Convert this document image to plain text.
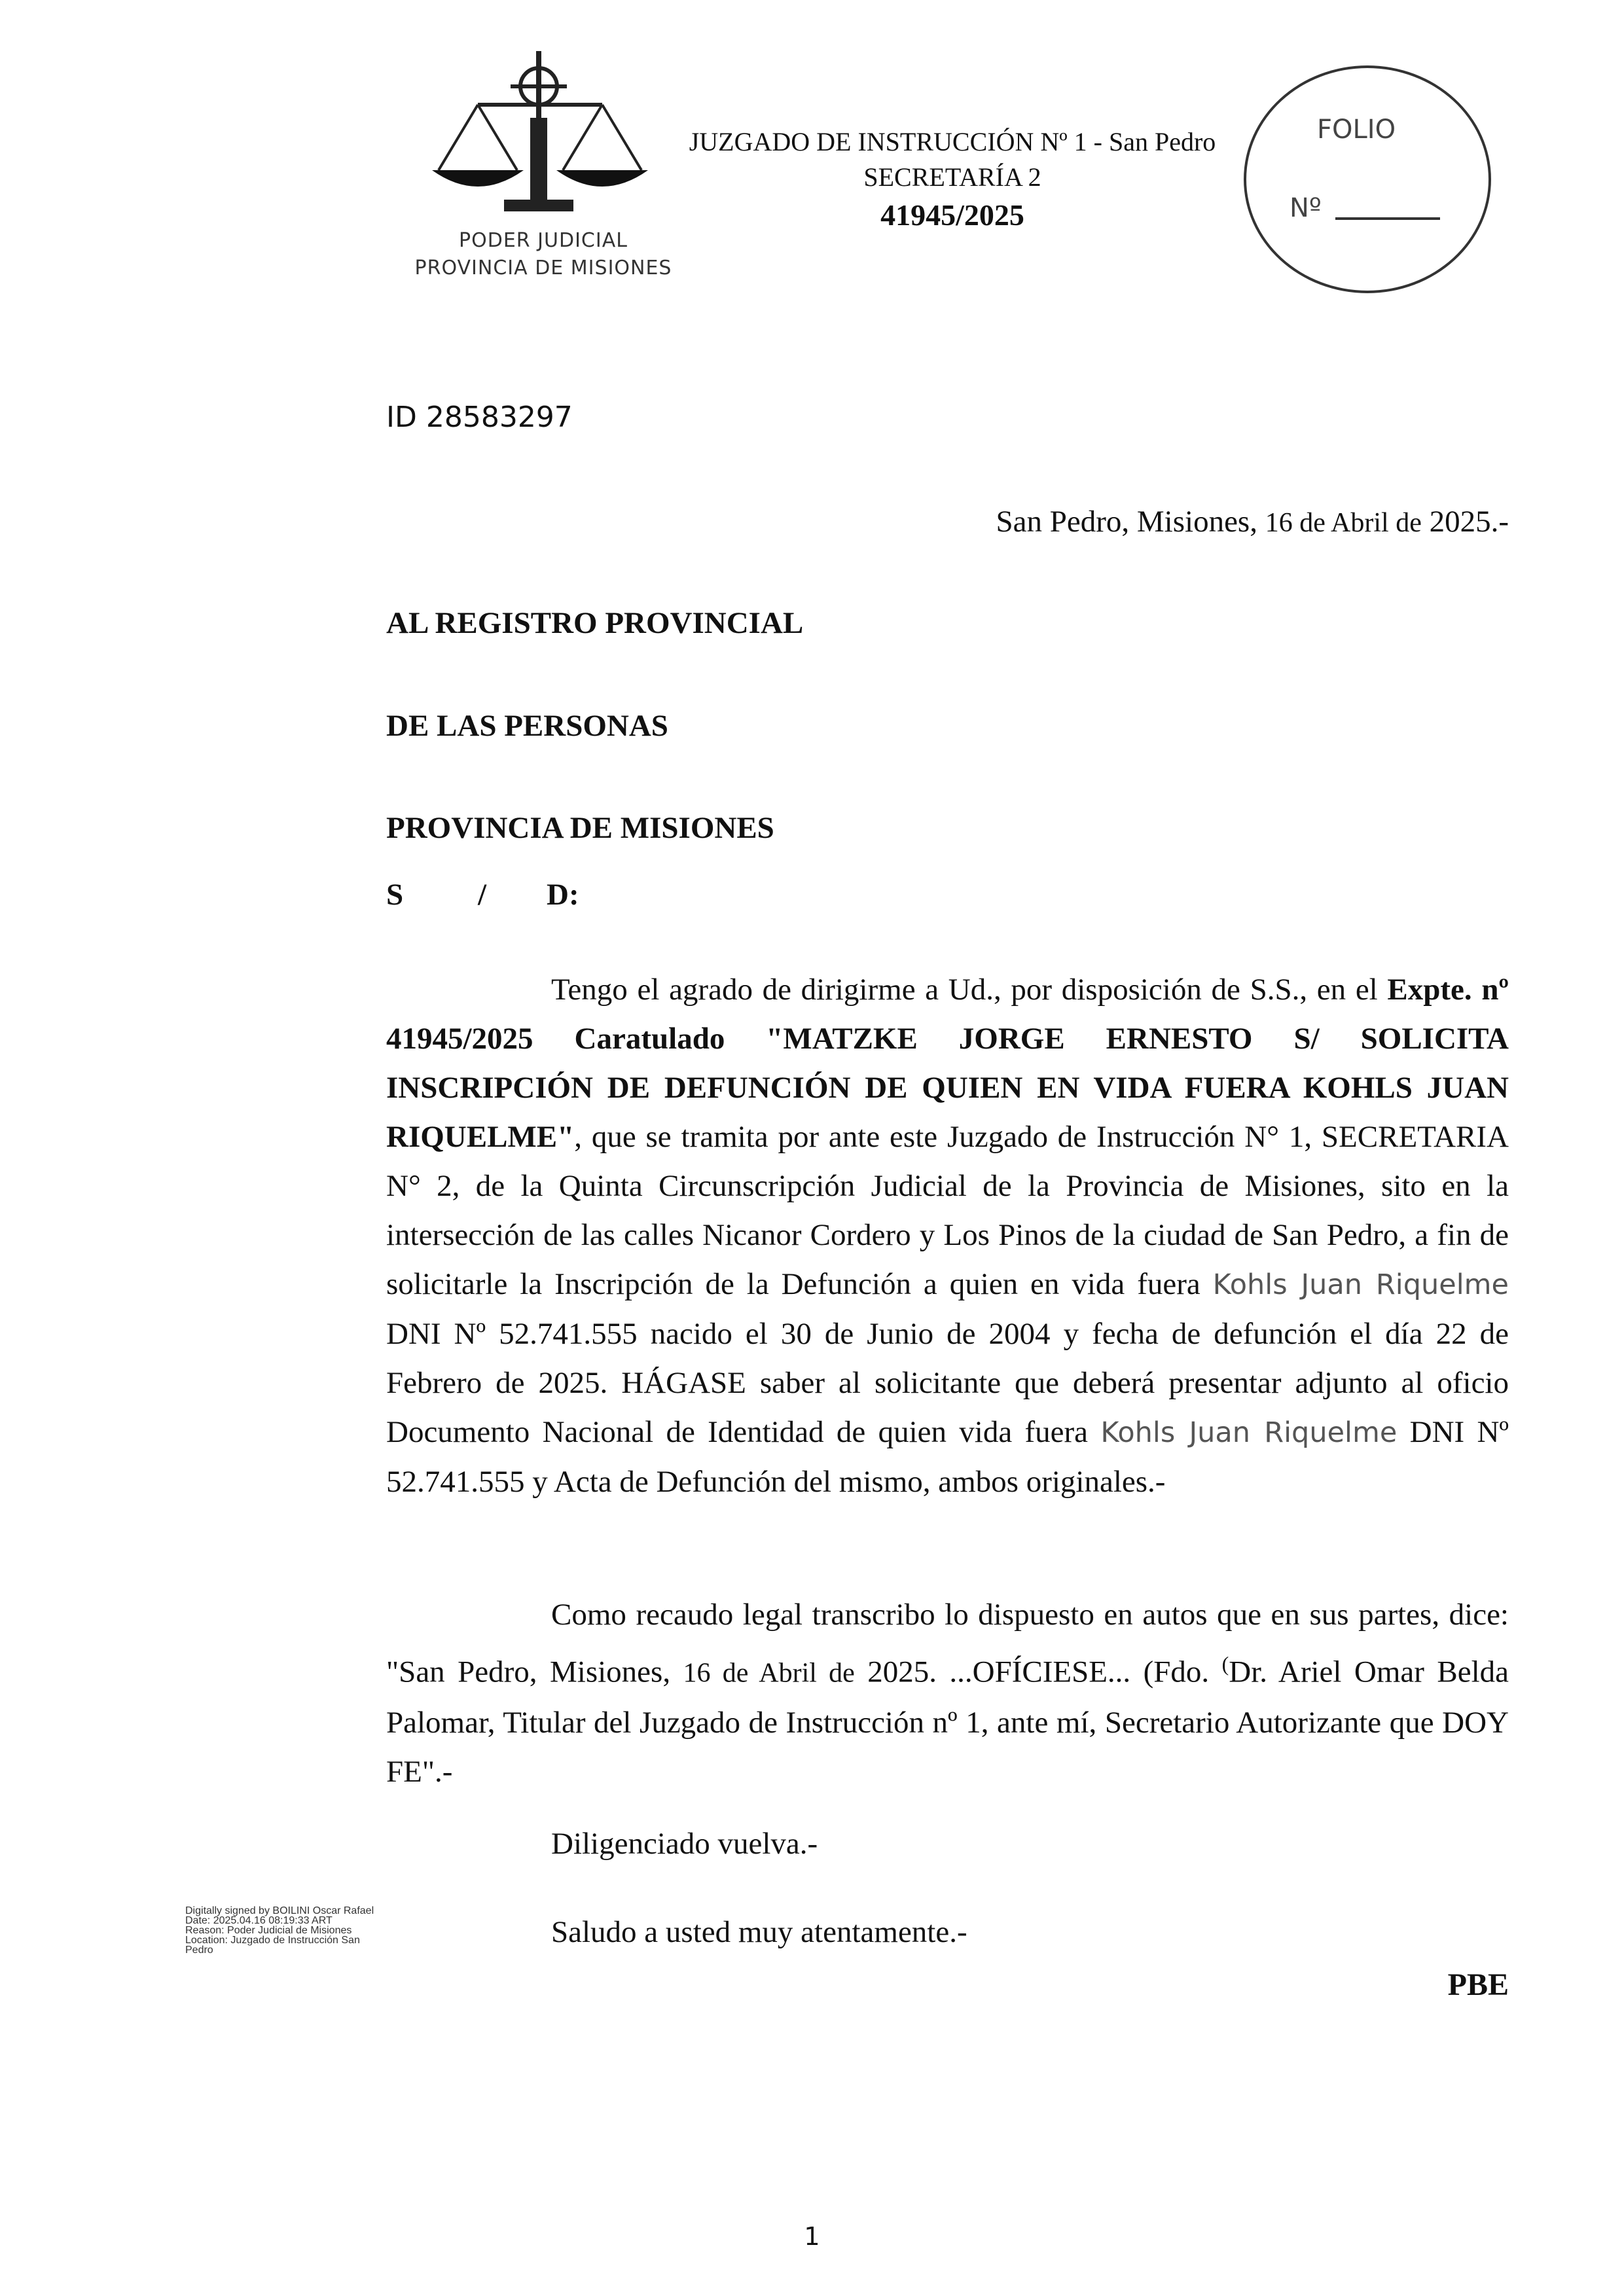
PODER JUDICIAL
PROVINCIA DE MISIONES
JUZGADO DE INSTRUCCIÓN Nº 1 - San Pedro
SECRETARÍA 2
41945/2025
FOLIO
Nº
ID 28583297
San Pedro, Misiones, 16 de Abril de 2025.-
AL REGISTRO PROVINCIAL
DE LAS PERSONAS
PROVINCIA DE MISIONES
S / D:

Tengo el agrado de dirigirme a Ud., por disposición de S.S., en el Expte. nº 41945/2025 Caratulado "MATZKE JORGE ERNESTO S/ SOLICITA INSCRIPCIÓN DE DEFUNCIÓN DE QUIEN EN VIDA FUERA KOHLS JUAN RIQUELME", que se tramita por ante este Juzgado de Instrucción N° 1, SECRETARIA N° 2, de la Quinta Circunscripción Judicial de la Provincia de Misiones, sito en la intersección de las calles Nicanor Cordero y Los Pinos de la ciudad de San Pedro, a fin de solicitarle la Inscripción de la Defunción a quien en vida fuera Kohls Juan Riquelme DNI Nº 52.741.555 nacido el 30 de Junio de 2004 y fecha de defunción el día 22 de Febrero de 2025. HÁGASE saber al solicitante que deberá presentar adjunto al oficio Documento Nacional de Identidad de quien vida fuera Kohls Juan Riquelme DNI Nº 52.741.555 y Acta de Defunción del mismo, ambos originales.-

Como recaudo legal transcribo lo dispuesto en autos que en sus partes, dice: "San Pedro, Misiones, 16 de Abril de 2025. ...OFÍCIESE... (Fdo. (Dr. Ariel Omar Belda Palomar, Titular del Juzgado de Instrucción nº 1, ante mí, Secretario Autorizante que DOY FE".-

Diligenciado vuelva.-
Saludo a usted muy atentamente.-
PBE
Digitally signed by BOILINI Oscar Rafael
Date: 2025.04.16 08:19:33 ART
Reason: Poder Judicial de Misiones
Location: Juzgado de Instrucción San
Pedro
1
